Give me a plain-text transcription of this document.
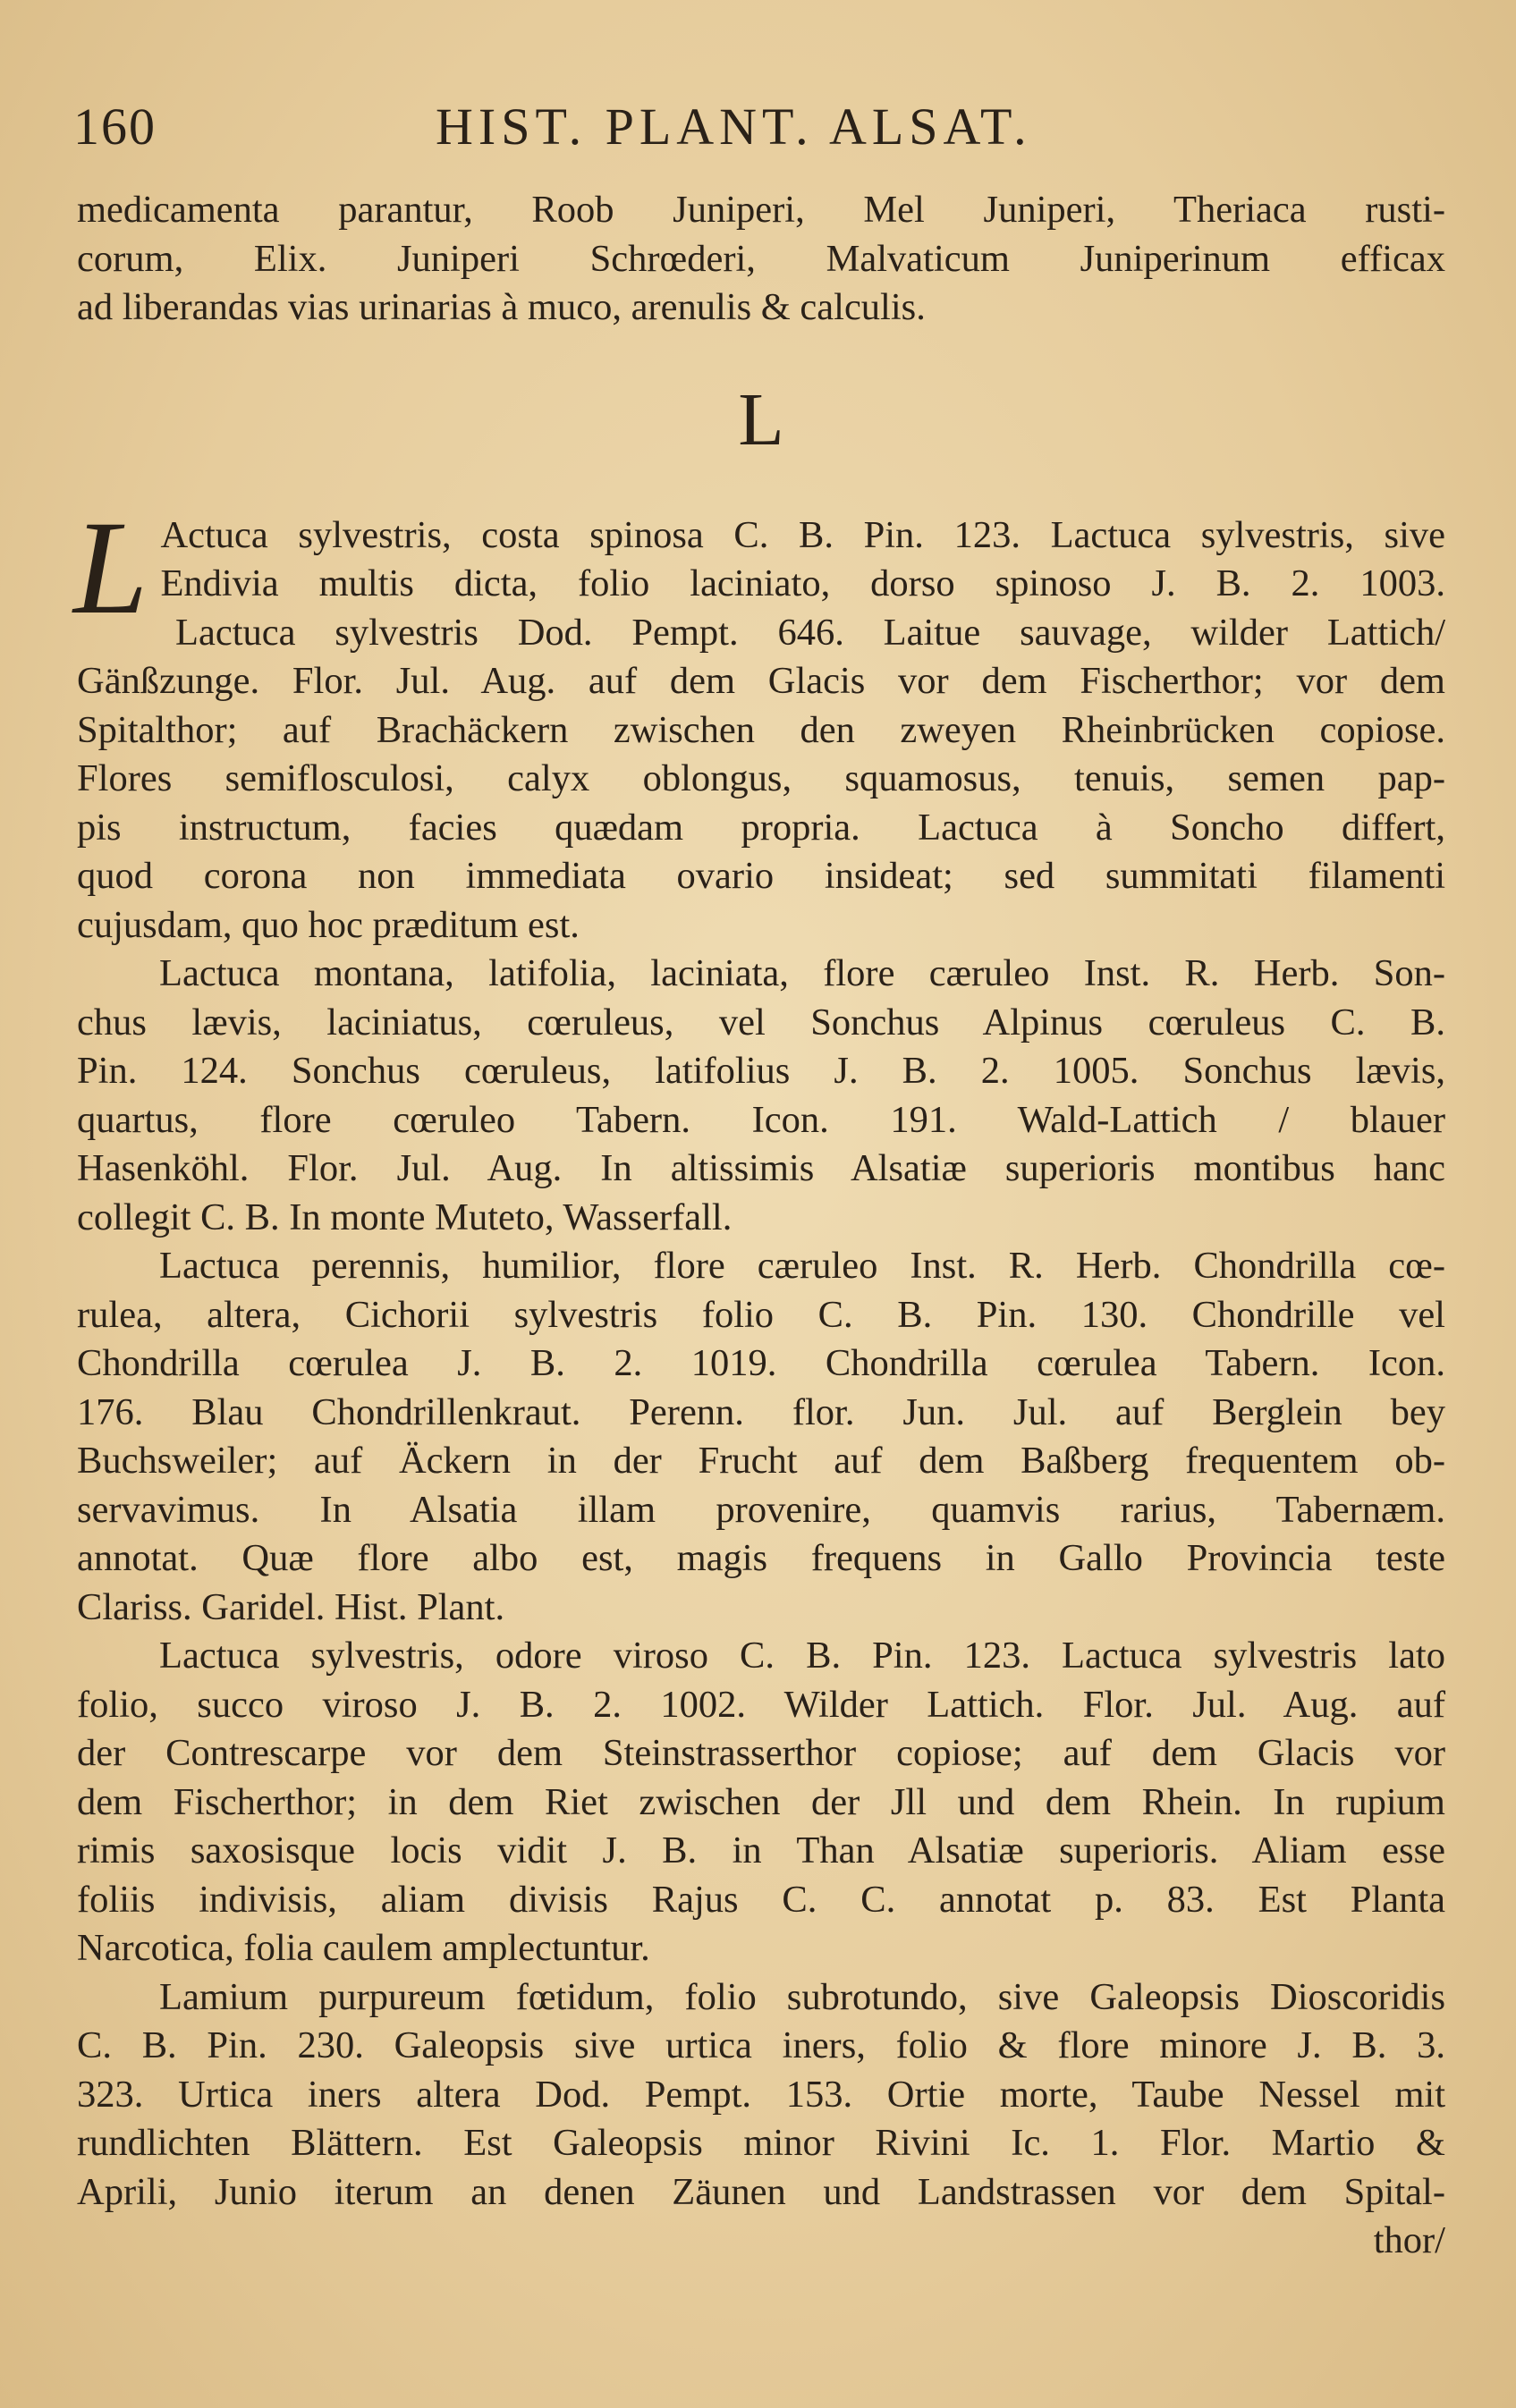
160	HIST. PLANT. ALSAT.

medicamenta parantur, Roob Juniperi, Mel Juniperi, Theriaca rusti-
corum, Elix. Juniperi Schrœderi, Malvaticum Juniperinum efficax
ad liberandas vias urinarias à muco, arenulis & calculis.

L

L Actuca sylvestris, costa spinosa C. B. Pin. 123. Lactuca sylvestris, sive
Endivia multis dicta, folio laciniato, dorso spinoso J. B. 2. 1003.
Lactuca sylvestris Dod. Pempt. 646. Laitue sauvage, wilder Lattich/
Gänßzunge. Flor. Jul. Aug. auf dem Glacis vor dem Fischerthor; vor dem
Spitalthor; auf Brachäckern zwischen den zweyen Rheinbrücken copiose.
Flores semiflosculosi, calyx oblongus, squamosus, tenuis, semen pap-
pis instructum, facies quædam propria. Lactuca à Soncho differt,
quod corona non immediata ovario insideat; sed summitati filamenti
cujusdam, quo hoc præditum est.

Lactuca montana, latifolia, laciniata, flore cæruleo Inst. R. Herb. Son-
chus lævis, laciniatus, cœruleus, vel Sonchus Alpinus cœruleus C. B.
Pin. 124. Sonchus cœruleus, latifolius J. B. 2. 1005. Sonchus lævis,
quartus, flore cœruleo Tabern. Icon. 191. Wald-Lattich / blauer
Hasenköhl. Flor. Jul. Aug. In altissimis Alsatiæ superioris montibus hanc
collegit C. B. In monte Muteto, Wasserfall.

Lactuca perennis, humilior, flore cæruleo Inst. R. Herb. Chondrilla cœ-
rulea, altera, Cichorii sylvestris folio C. B. Pin. 130. Chondrille vel
Chondrilla cœrulea J. B. 2. 1019. Chondrilla cœrulea Tabern. Icon.
176. Blau Chondrillenkraut. Perenn. flor. Jun. Jul. auf Berglein bey
Buchsweiler; auf Äckern in der Frucht auf dem Baßberg frequentem ob-
servavimus. In Alsatia illam provenire, quamvis rarius, Tabernæm.
annotat. Quæ flore albo est, magis frequens in Gallo Provincia teste
Clariss. Garidel. Hist. Plant.

Lactuca sylvestris, odore viroso C. B. Pin. 123. Lactuca sylvestris lato
folio, succo viroso J. B. 2. 1002. Wilder Lattich. Flor. Jul. Aug. auf
der Contrescarpe vor dem Steinstrasserthor copiose; auf dem Glacis vor
dem Fischerthor; in dem Riet zwischen der Jll und dem Rhein. In rupium
rimis saxosisque locis vidit J. B. in Than Alsatiæ superioris. Aliam esse
foliis indivisis, aliam divisis Rajus C. C. annotat p. 83. Est Planta
Narcotica, folia caulem amplectuntur.

Lamium purpureum fœtidum, folio subrotundo, sive Galeopsis Dioscoridis
C. B. Pin. 230. Galeopsis sive urtica iners, folio & flore minore J. B. 3.
323. Urtica iners altera Dod. Pempt. 153. Ortie morte, Taube Nessel mit
rundlichten Blättern. Est Galeopsis minor Rivini Ic. 1. Flor. Martio &
Aprili, Junio iterum an denen Zäunen und Landstrassen vor dem Spital-
thor/
